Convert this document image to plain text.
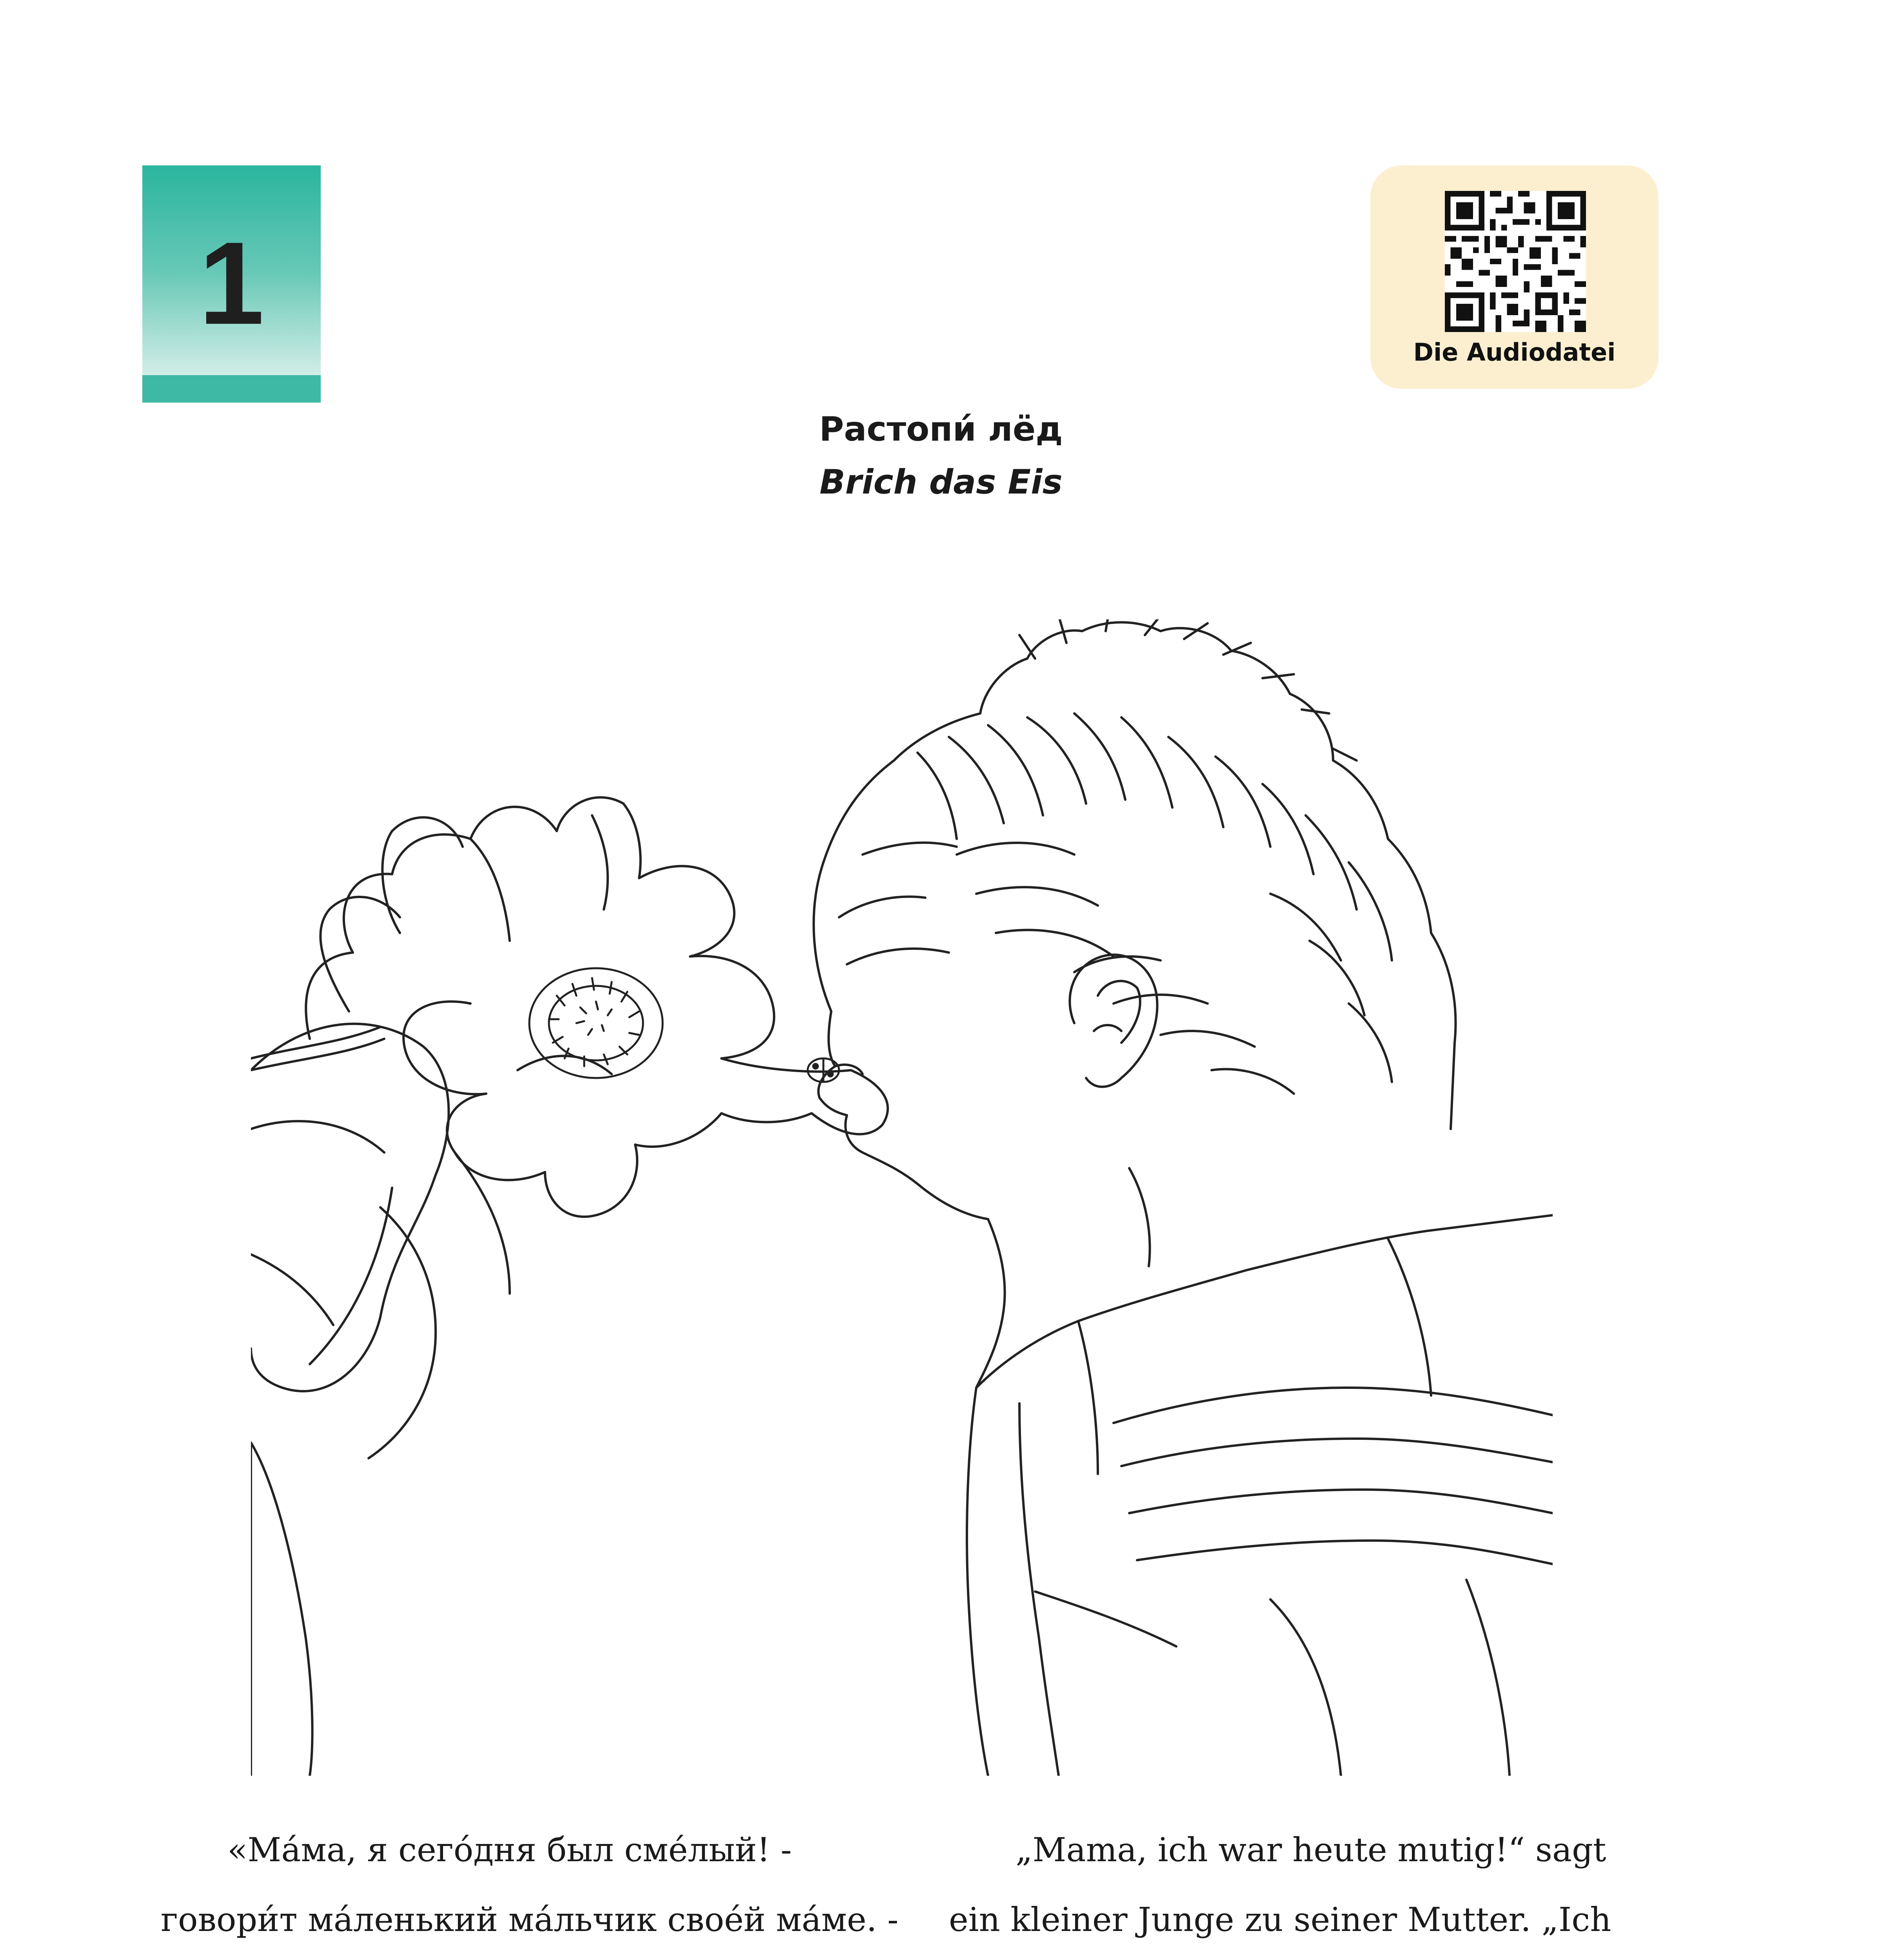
1
Die Audiodatei
Растопи́ лёд
Brich das Eis

«Ма́ма, я сего́дня был сме́лый! - говори́т ма́ленький ма́льчик своéй ма́ме. -

„Mama, ich war heute mutig!“ sagt ein kleiner Junge zu seiner Mutter. „Ich
